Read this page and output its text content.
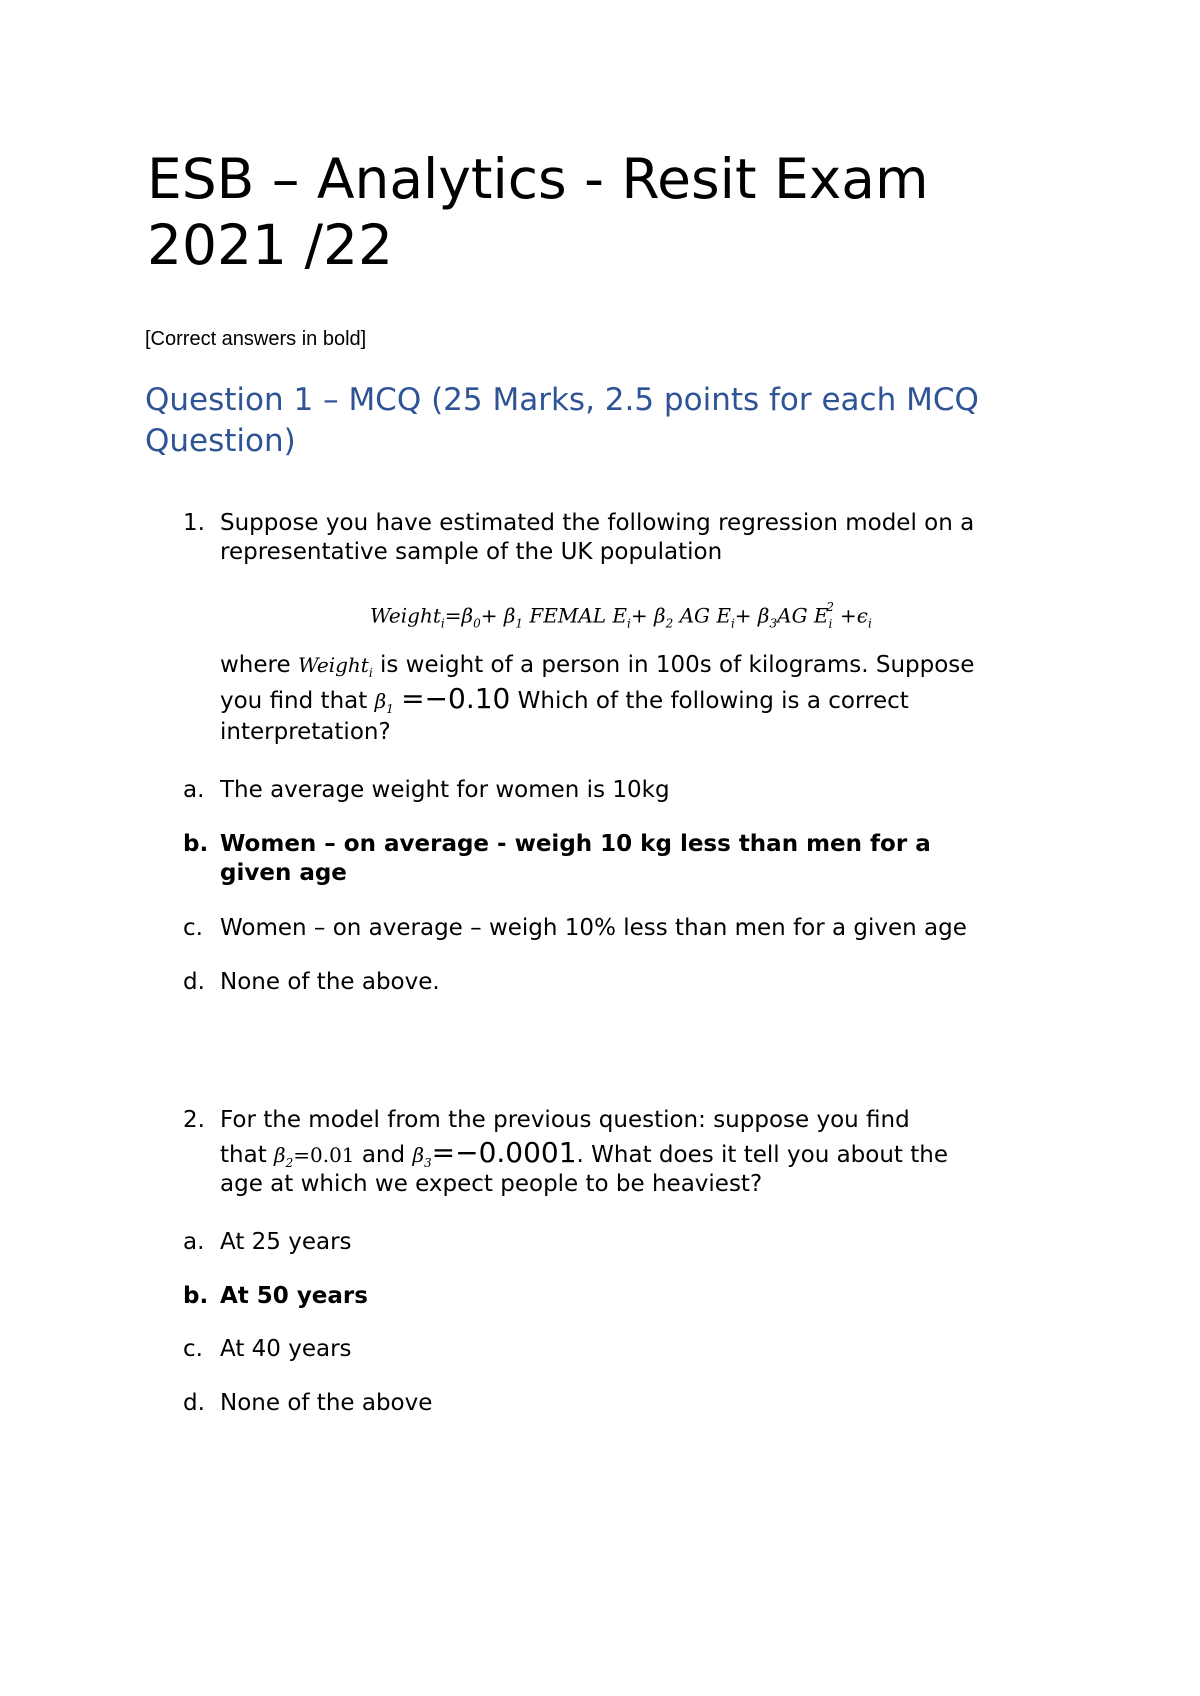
ESB – Analytics - Resit Exam
2021 /22
[Correct answers in bold]
Question 1 – MCQ (25 Marks, 2.5 points for each MCQ
Question)
1. Suppose you have estimated the following regression model on a
representative sample of the UK population
$Weight_i=\beta_0+ \beta_1$ FEMAL $E_i+ \beta_2$ AG $E_i+ \beta_3AG$ $E_i^2 +\epsilon_i$
where Weight$_i$ is weight of a person in 100s of kilograms. Suppose
you find that $\beta_1 =-0.10$ Which of the following is a correct
interpretation?
a. The average weight for women is 10kg
b. Women – on average - weigh 10 kg less than men for a
given age
c. Women – on average – weigh 10% less than men for a given age
d. None of the above.
2. For the model from the previous question: suppose you find
that $\beta_2=0.01$ and $\beta_3=-0.0001$. What does it tell you about the
age at which we expect people to be heaviest?
a. At 25 years
b. At 50 years
c. At 40 years
d. None of the above
